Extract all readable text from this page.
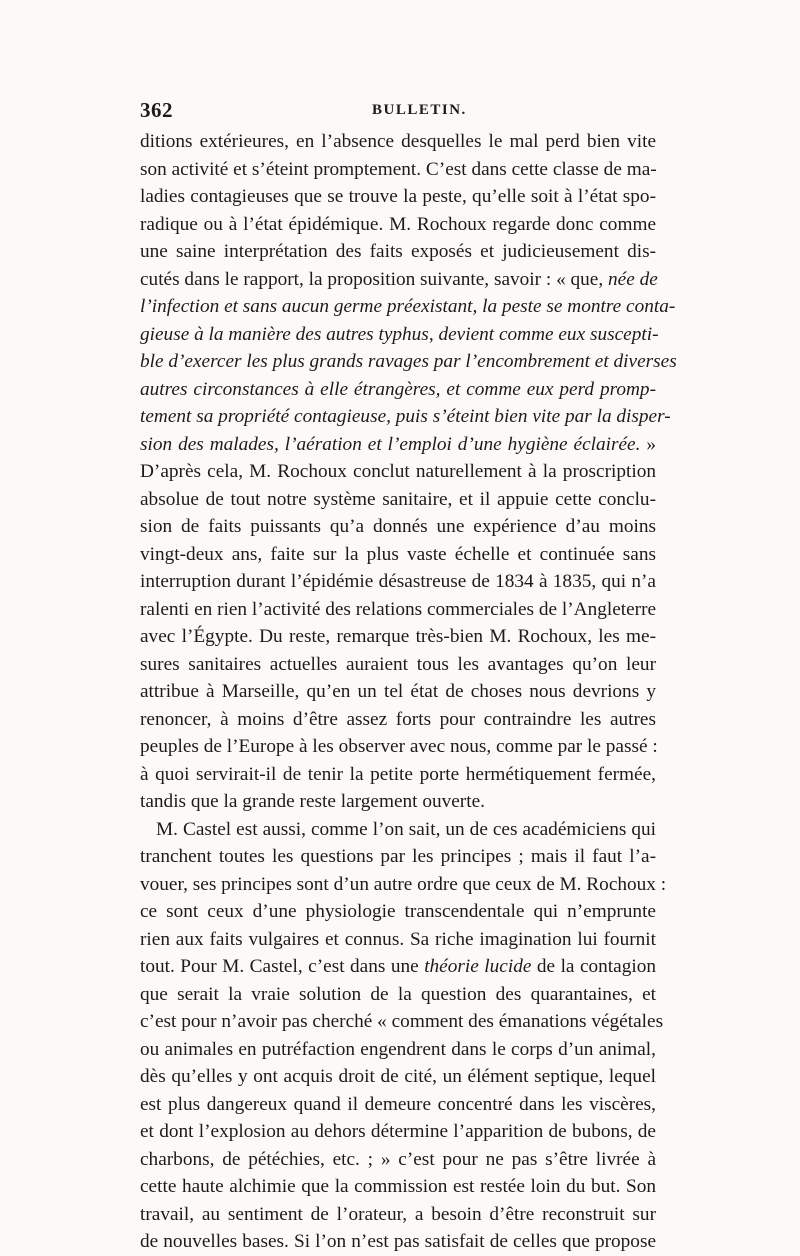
362	BULLETIN.
ditions extérieures, en l’absence desquelles le mal perd bien vite
son activité et s’éteint promptement. C’est dans cette classe de ma-
ladies contagieuses que se trouve la peste, qu’elle soit à l’état spo-
radique ou à l’état épidémique. M. Rochoux regarde donc comme
une saine interprétation des faits exposés et judicieusement dis-
cutés dans le rapport, la proposition suivante, savoir : « que, née de
l’infection et sans aucun germe préexistant, la peste se montre conta-
gieuse à la manière des autres typhus, devient comme eux suscepti-
ble d’exercer les plus grands ravages par l’encombrement et diverses
autres circonstances à elle étrangères, et comme eux perd promp-
tement sa propriété contagieuse, puis s’éteint bien vite par la disper-
sion des malades, l’aération et l’emploi d’une hygiène éclairée. »
D’après cela, M. Rochoux conclut naturellement à la proscription
absolue de tout notre système sanitaire, et il appuie cette conclu-
sion de faits puissants qu’a donnés une expérience d’au moins
vingt-deux ans, faite sur la plus vaste échelle et continuée sans
interruption durant l’épidémie désastreuse de 1834 à 1835, qui n’a
ralenti en rien l’activité des relations commerciales de l’Angleterre
avec l’Égypte. Du reste, remarque très-bien M. Rochoux, les me-
sures sanitaires actuelles auraient tous les avantages qu’on leur
attribue à Marseille, qu’en un tel état de choses nous devrions y
renoncer, à moins d’être assez forts pour contraindre les autres
peuples de l’Europe à les observer avec nous, comme par le passé :
à quoi servirait-il de tenir la petite porte hermétiquement fermée,
tandis que la grande reste largement ouverte.
M. Castel est aussi, comme l’on sait, un de ces académiciens qui
tranchent toutes les questions par les principes ; mais il faut l’a-
vouer, ses principes sont d’un autre ordre que ceux de M. Rochoux :
ce sont ceux d’une physiologie transcendentale qui n’emprunte
rien aux faits vulgaires et connus. Sa riche imagination lui fournit
tout. Pour M. Castel, c’est dans une théorie lucide de la contagion
que serait la vraie solution de la question des quarantaines, et
c’est pour n’avoir pas cherché « comment des émanations végétales
ou animales en putréfaction engendrent dans le corps d’un animal,
dès qu’elles y ont acquis droit de cité, un élément septique, lequel
est plus dangereux quand il demeure concentré dans les viscères,
et dont l’explosion au dehors détermine l’apparition de bubons, de
charbons, de pétéchies, etc. ; » c’est pour ne pas s’être livrée à
cette haute alchimie que la commission est restée loin du but. Son
travail, au sentiment de l’orateur, a besoin d’être reconstruit sur
de nouvelles bases. Si l’on n’est pas satisfait de celles que propose
